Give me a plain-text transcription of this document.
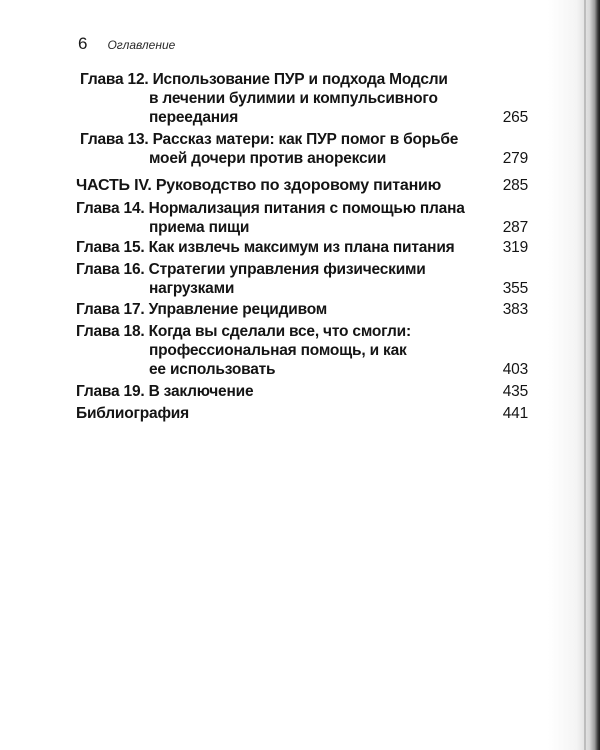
6 Оглавление
Глава 12. Использование ПУР и подхода Модсли
в лечении булимии и компульсивного
переедания	265
Глава 13. Рассказ матери: как ПУР помог в борьбе
моей дочери против анорексии	279
ЧАСТЬ IV. Руководство по здоровому питанию	285
Глава 14. Нормализация питания с помощью плана
приема пищи	287
Глава 15. Как извлечь максимум из плана питания	319
Глава 16. Стратегии управления физическими
нагрузками	355
Глава 17. Управление рецидивом	383
Глава 18. Когда вы сделали все, что смогли:
профессиональная помощь, и как
ее использовать	403
Глава 19. В заключение	435
Библиография	441
